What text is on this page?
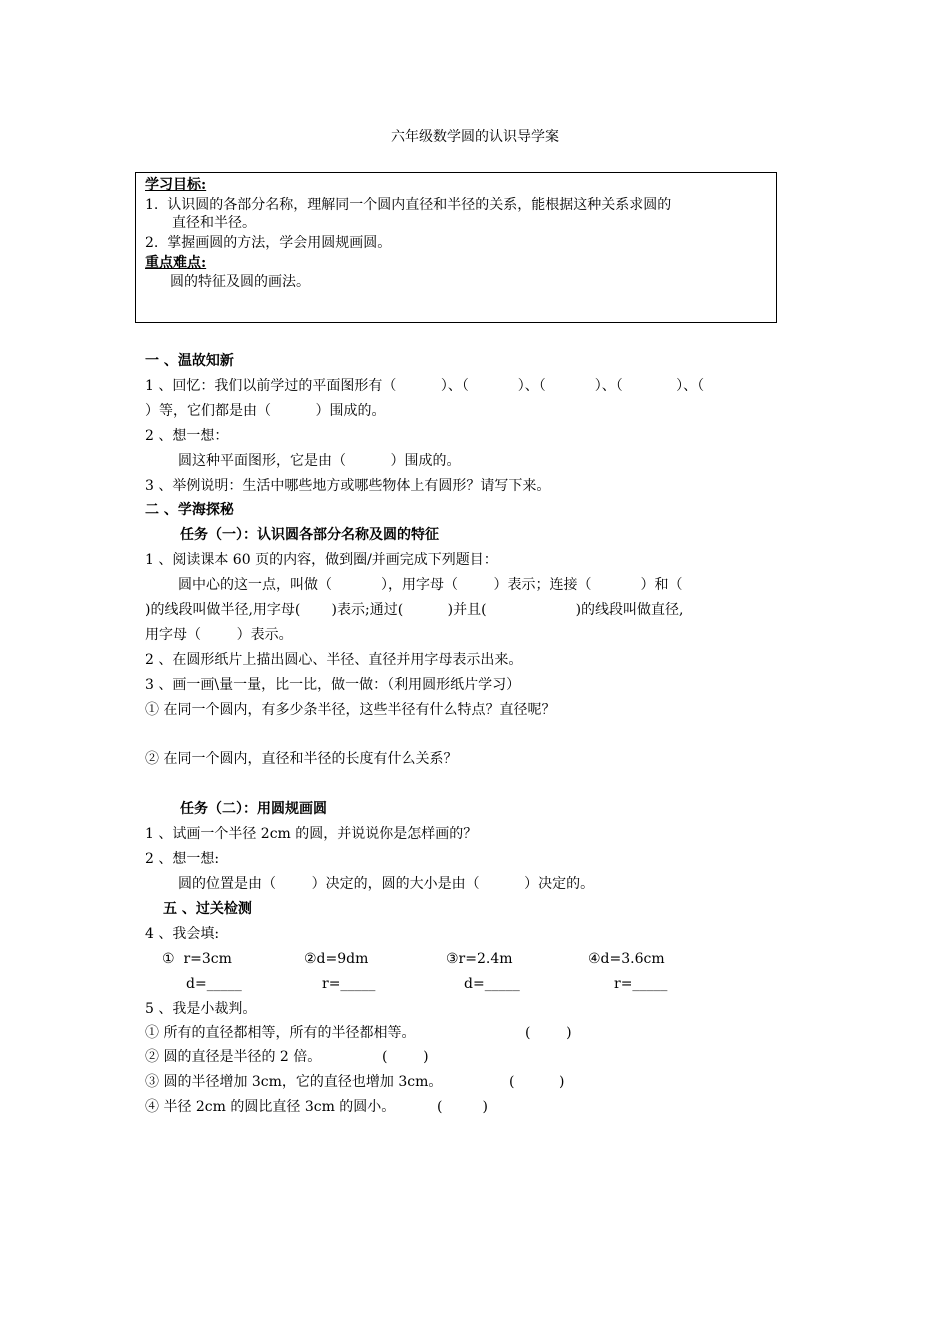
六年级数学圆的认识导学案
学习目标:
1.  认识圆的各部分名称，理解同一个圆内直径和半径的关系，能根据这种关系求圆的
直径和半径。
2.  掌握画圆的方法，学会用圆规画圆。
重点难点:
圆的特征及圆的画法。
一 、温故知新
1 、回忆：我们以前学过的平面图形有（          ）、（           ）、（           ）、（            ）、（
）等，它们都是由（          ）围成的。
2 、想一想：
圆这种平面图形，它是由（          ）围成的。
3 、举例说明：生活中哪些地方或哪些物体上有圆形？请写下来。
二 、学海探秘
任务（一）：认识圆各部分名称及圆的特征
1 、阅读课本 60 页的内容，做到圈/并画完成下列题目：
圆中心的这一点，叫做（           ），用字母（        ）表示；连接（           ）和（
)的线段叫做半径,用字母(       )表示;通过(          )并且(                    )的线段叫做直径,
用字母（        ）表示。
2 、在圆形纸片上描出圆心、半径、直径并用字母表示出来。
3 、画一画\量一量，比一比，做一做：（利用圆形纸片学习）
① 在同一个圆内，有多少条半径，这些半径有什么特点？直径呢？
② 在同一个圆内，直径和半径的长度有什么关系？
任务（二）：用圆规画圆
1 、试画一个半径 2cm 的圆，并说说你是怎样画的？
2 、想一想:
圆的位置是由（        ）决定的，圆的大小是由（          ）决定的。
五 、过关检测
4 、我会填:
①  r=3cm	②d=9dm	③r=2.4m	④d=3.6cm
d=_____	r=_____	d=_____	r=_____
5 、我是小裁判。
① 所有的直径都相等，所有的半径都相等。	(        )
② 圆的直径是半径的 2 倍。	(        )
③ 圆的半径增加 3cm，它的直径也增加 3cm。	(          )
④ 半径 2cm 的圆比直径 3cm 的圆小。	(         )
